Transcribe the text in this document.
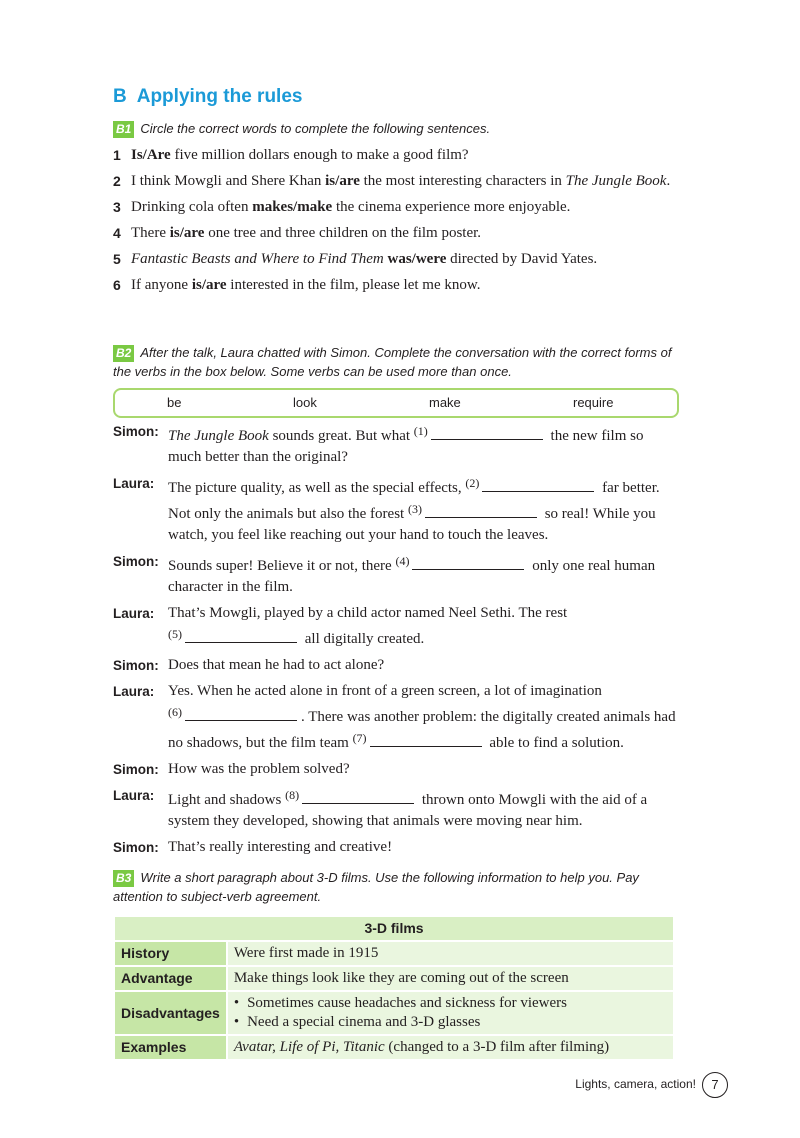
B Applying the rules
B1 Circle the correct words to complete the following sentences.
1 Is/Are five million dollars enough to make a good film?
2 I think Mowgli and Shere Khan is/are the most interesting characters in The Jungle Book.
3 Drinking cola often makes/make the cinema experience more enjoyable.
4 There is/are one tree and three children on the film poster.
5 Fantastic Beasts and Where to Find Them was/were directed by David Yates.
6 If anyone is/are interested in the film, please let me know.
B2 After the talk, Laura chatted with Simon. Complete the conversation with the correct forms of the verbs in the box below. Some verbs can be used more than once.
be	look	make	require
Simon: The Jungle Book sounds great. But what $^{(1)}$	the new film so much better than the original?
Laura: The picture quality, as well as the special effects, $^{(2)}$	far better. Not only the animals but also the forest $^{(3)}$	so real! While you watch, you feel like reaching out your hand to touch the leaves.
Simon: Sounds super! Believe it or not, there $^{(4)}$	only one real human character in the film.
Laura: That’s Mowgli, played by a child actor named Neel Sethi. The rest
$^{(5)}$	all digitally created.
Simon: Does that mean he had to act alone?
Laura: Yes. When he acted alone in front of a green screen, a lot of imagination
$^{(6)}$	. There was another problem: the digitally created animals had no shadows, but the film team $^{(7)}$	able to find a solution.
Simon: How was the problem solved?
Laura: Light and shadows $^{(8)}$	thrown onto Mowgli with the aid of a system they developed, showing that animals were moving near him.
Simon: That’s really interesting and creative!
B3 Write a short paragraph about 3-D films. Use the following information to help you. Pay attention to subject-verb agreement.
3-D films	
History	Were first made in 1915
Advantage	Make things look like they are coming out of the screen
Disadvantages	• Sometimes cause headaches and sickness for viewers
• Need a special cinema and 3-D glasses

Examples	Avatar, Life of Pi, Titanic (changed to a 3-D film after filming)
Lights, camera, action!	7
